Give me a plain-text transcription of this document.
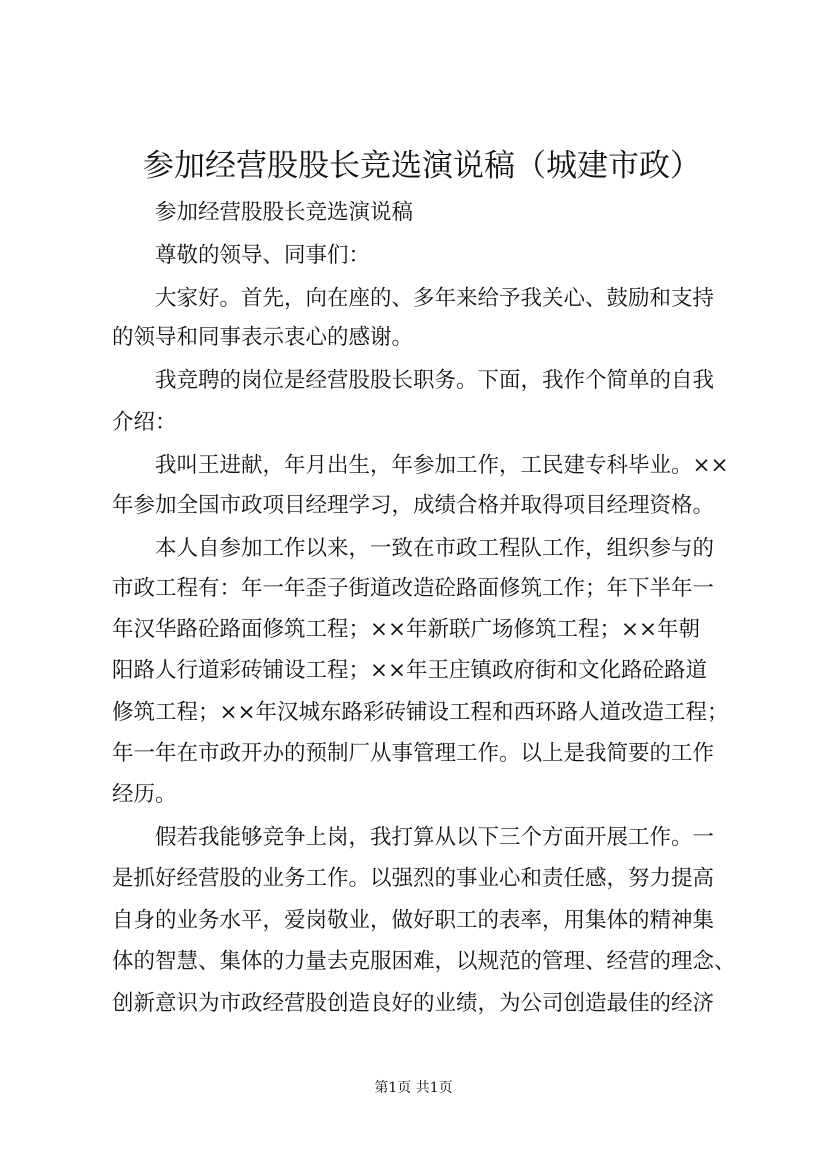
参加经营股股长竞选演说稿（城建市政）
参加经营股股长竞选演说稿
尊敬的领导、同事们：
大家好。首先，向在座的、多年来给予我关心、鼓励和支持
的领导和同事表示衷心的感谢。
我竞聘的岗位是经营股股长职务。下面，我作个简单的自我
介绍：
我叫王进献，年月出生，年参加工作，工民建专科毕业。××
年参加全国市政项目经理学习，成绩合格并取得项目经理资格。
本人自参加工作以来，一致在市政工程队工作，组织参与的
市政工程有：年一年歪子街道改造砼路面修筑工作；年下半年一
年汉华路砼路面修筑工程；××年新联广场修筑工程；××年朝
阳路人行道彩砖铺设工程；××年王庄镇政府街和文化路砼路道
修筑工程；××年汉城东路彩砖铺设工程和西环路人道改造工程；
年一年在市政开办的预制厂从事管理工作。以上是我简要的工作
经历。
假若我能够竞争上岗，我打算从以下三个方面开展工作。一
是抓好经营股的业务工作。以强烈的事业心和责任感，努力提高
自身的业务水平，爱岗敬业，做好职工的表率，用集体的精神集
体的智慧、集体的力量去克服困难，以规范的管理、经营的理念、
创新意识为市政经营股创造良好的业绩，为公司创造最佳的经济
第1页 共1页
